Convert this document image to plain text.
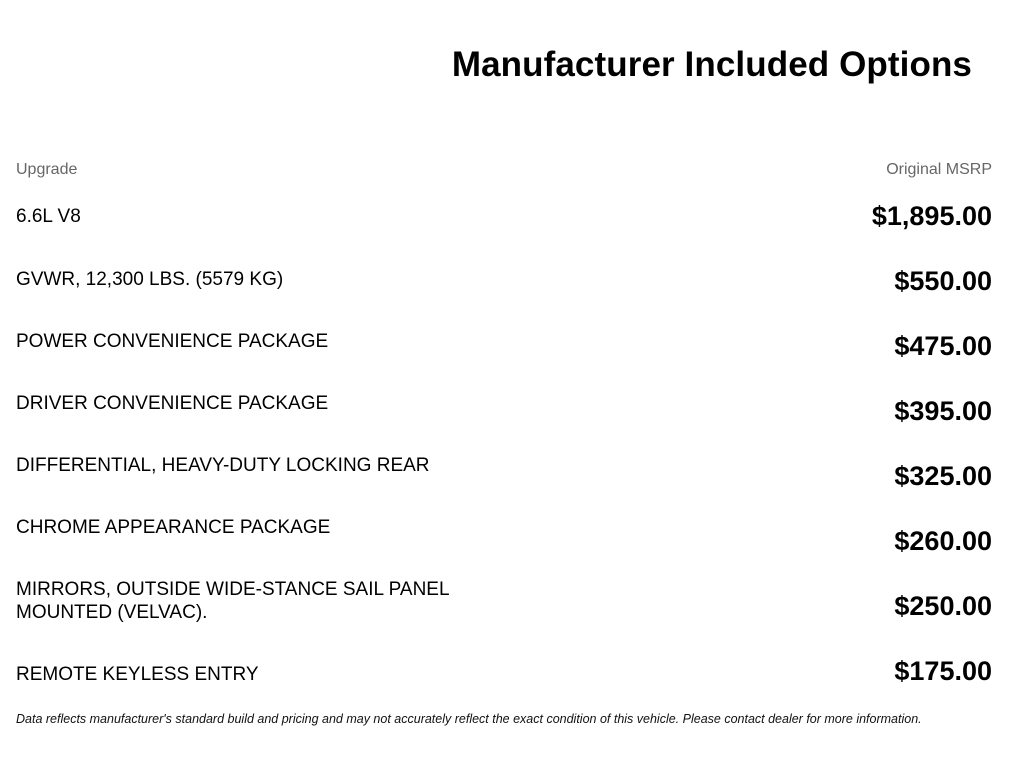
Manufacturer Included Options
Upgrade	Original MSRP
6.6L V8	$1,895.00
GVWR, 12,300 LBS. (5579 KG)	$550.00
POWER CONVENIENCE PACKAGE	$475.00
DRIVER CONVENIENCE PACKAGE	$395.00
DIFFERENTIAL, HEAVY-DUTY LOCKING REAR	$325.00
CHROME APPEARANCE PACKAGE	$260.00
MIRRORS, OUTSIDE WIDE-STANCE SAIL PANEL MOUNTED (VELVAC).	$250.00
REMOTE KEYLESS ENTRY	$175.00
Data reflects manufacturer's standard build and pricing and may not accurately reflect the exact condition of this vehicle. Please contact dealer for more information.
